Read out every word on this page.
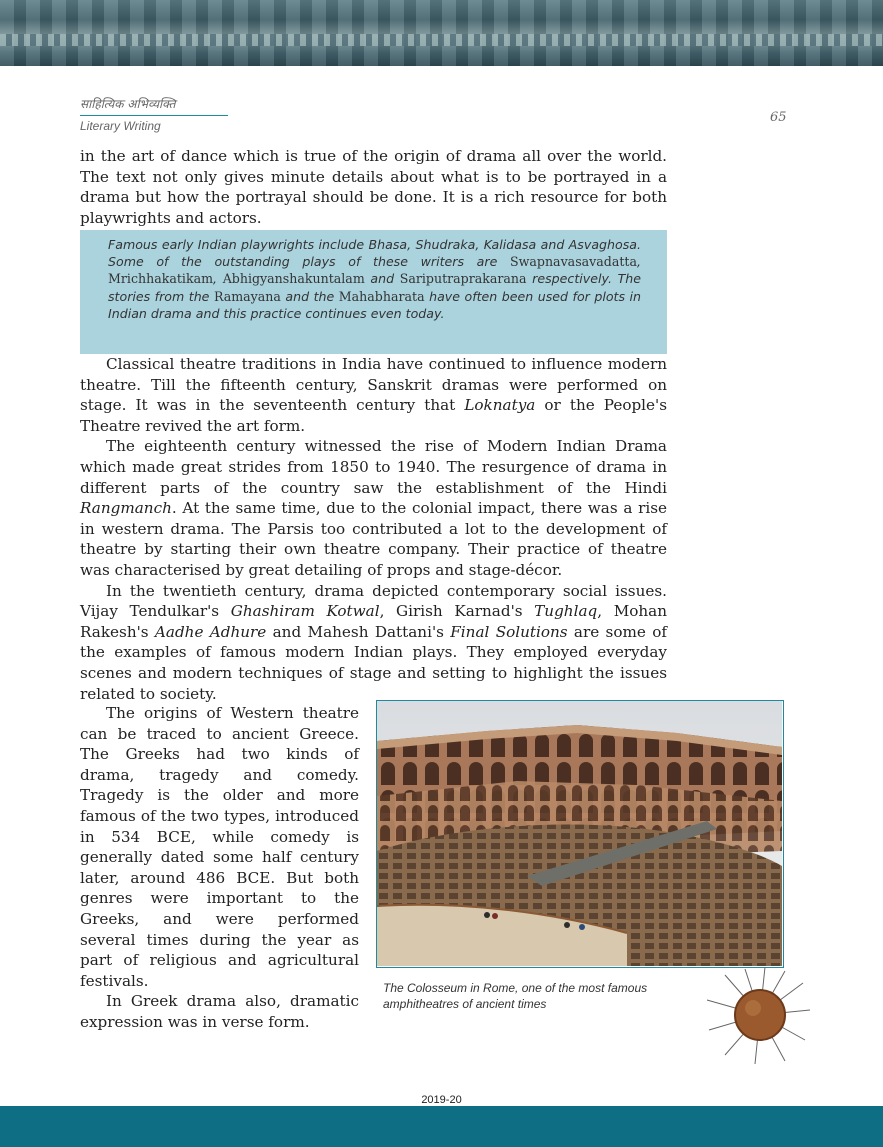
साहित्यिक अभिव्यक्ति
Literary Writing
65

in the art of dance which is true of the origin of drama all over the world. The text not only gives minute details about what is to be portrayed in a drama but how the portrayal should be done. It is a rich resource for both playwrights and actors.

Famous early Indian playwrights include Bhasa, Shudraka, Kalidasa and Asvaghosa. Some of the outstanding plays of these writers are Swapnavasavadatta, Mrichhakatikam, Abhigyanshakuntalam and Sariputraprakarana respectively. The stories from the Ramayana and the Mahabharata have often been used for plots in Indian drama and this practice continues even today.

Classical theatre traditions in India have continued to influence modern theatre. Till the fifteenth century, Sanskrit dramas were performed on stage. It was in the seventeenth century that Loknatya or the People's Theatre revived the art form.

The eighteenth century witnessed the rise of Modern Indian Drama which made great strides from 1850 to 1940. The resurgence of drama in different parts of the country saw the establishment of the Hindi Rangmanch. At the same time, due to the colonial impact, there was a rise in western drama. The Parsis too contributed a lot to the development of theatre by starting their own theatre company. Their practice of theatre was characterised by great detailing of props and stage-décor.

In the twentieth century, drama depicted contemporary social issues. Vijay Tendulkar's Ghashiram Kotwal, Girish Karnad's Tughlaq, Mohan Rakesh's Aadhe Adhure and Mahesh Dattani's Final Solutions are some of the examples of famous modern Indian plays. They employed everyday scenes and modern techniques of stage and setting to highlight the issues related to society.

The origins of Western theatre can be traced to ancient Greece. The Greeks had two kinds of drama, tragedy and comedy. Tragedy is the older and more famous of the two types, introduced in 534 BCE, while comedy is generally dated some half century later, around 486 BCE. But both genres were important to the Greeks, and were performed several times during the year as part of religious and agricultural festivals.

In Greek drama also, dramatic expression was in verse form.

The Colosseum in Rome, one of the most famous amphitheatres of ancient times
2019-20
